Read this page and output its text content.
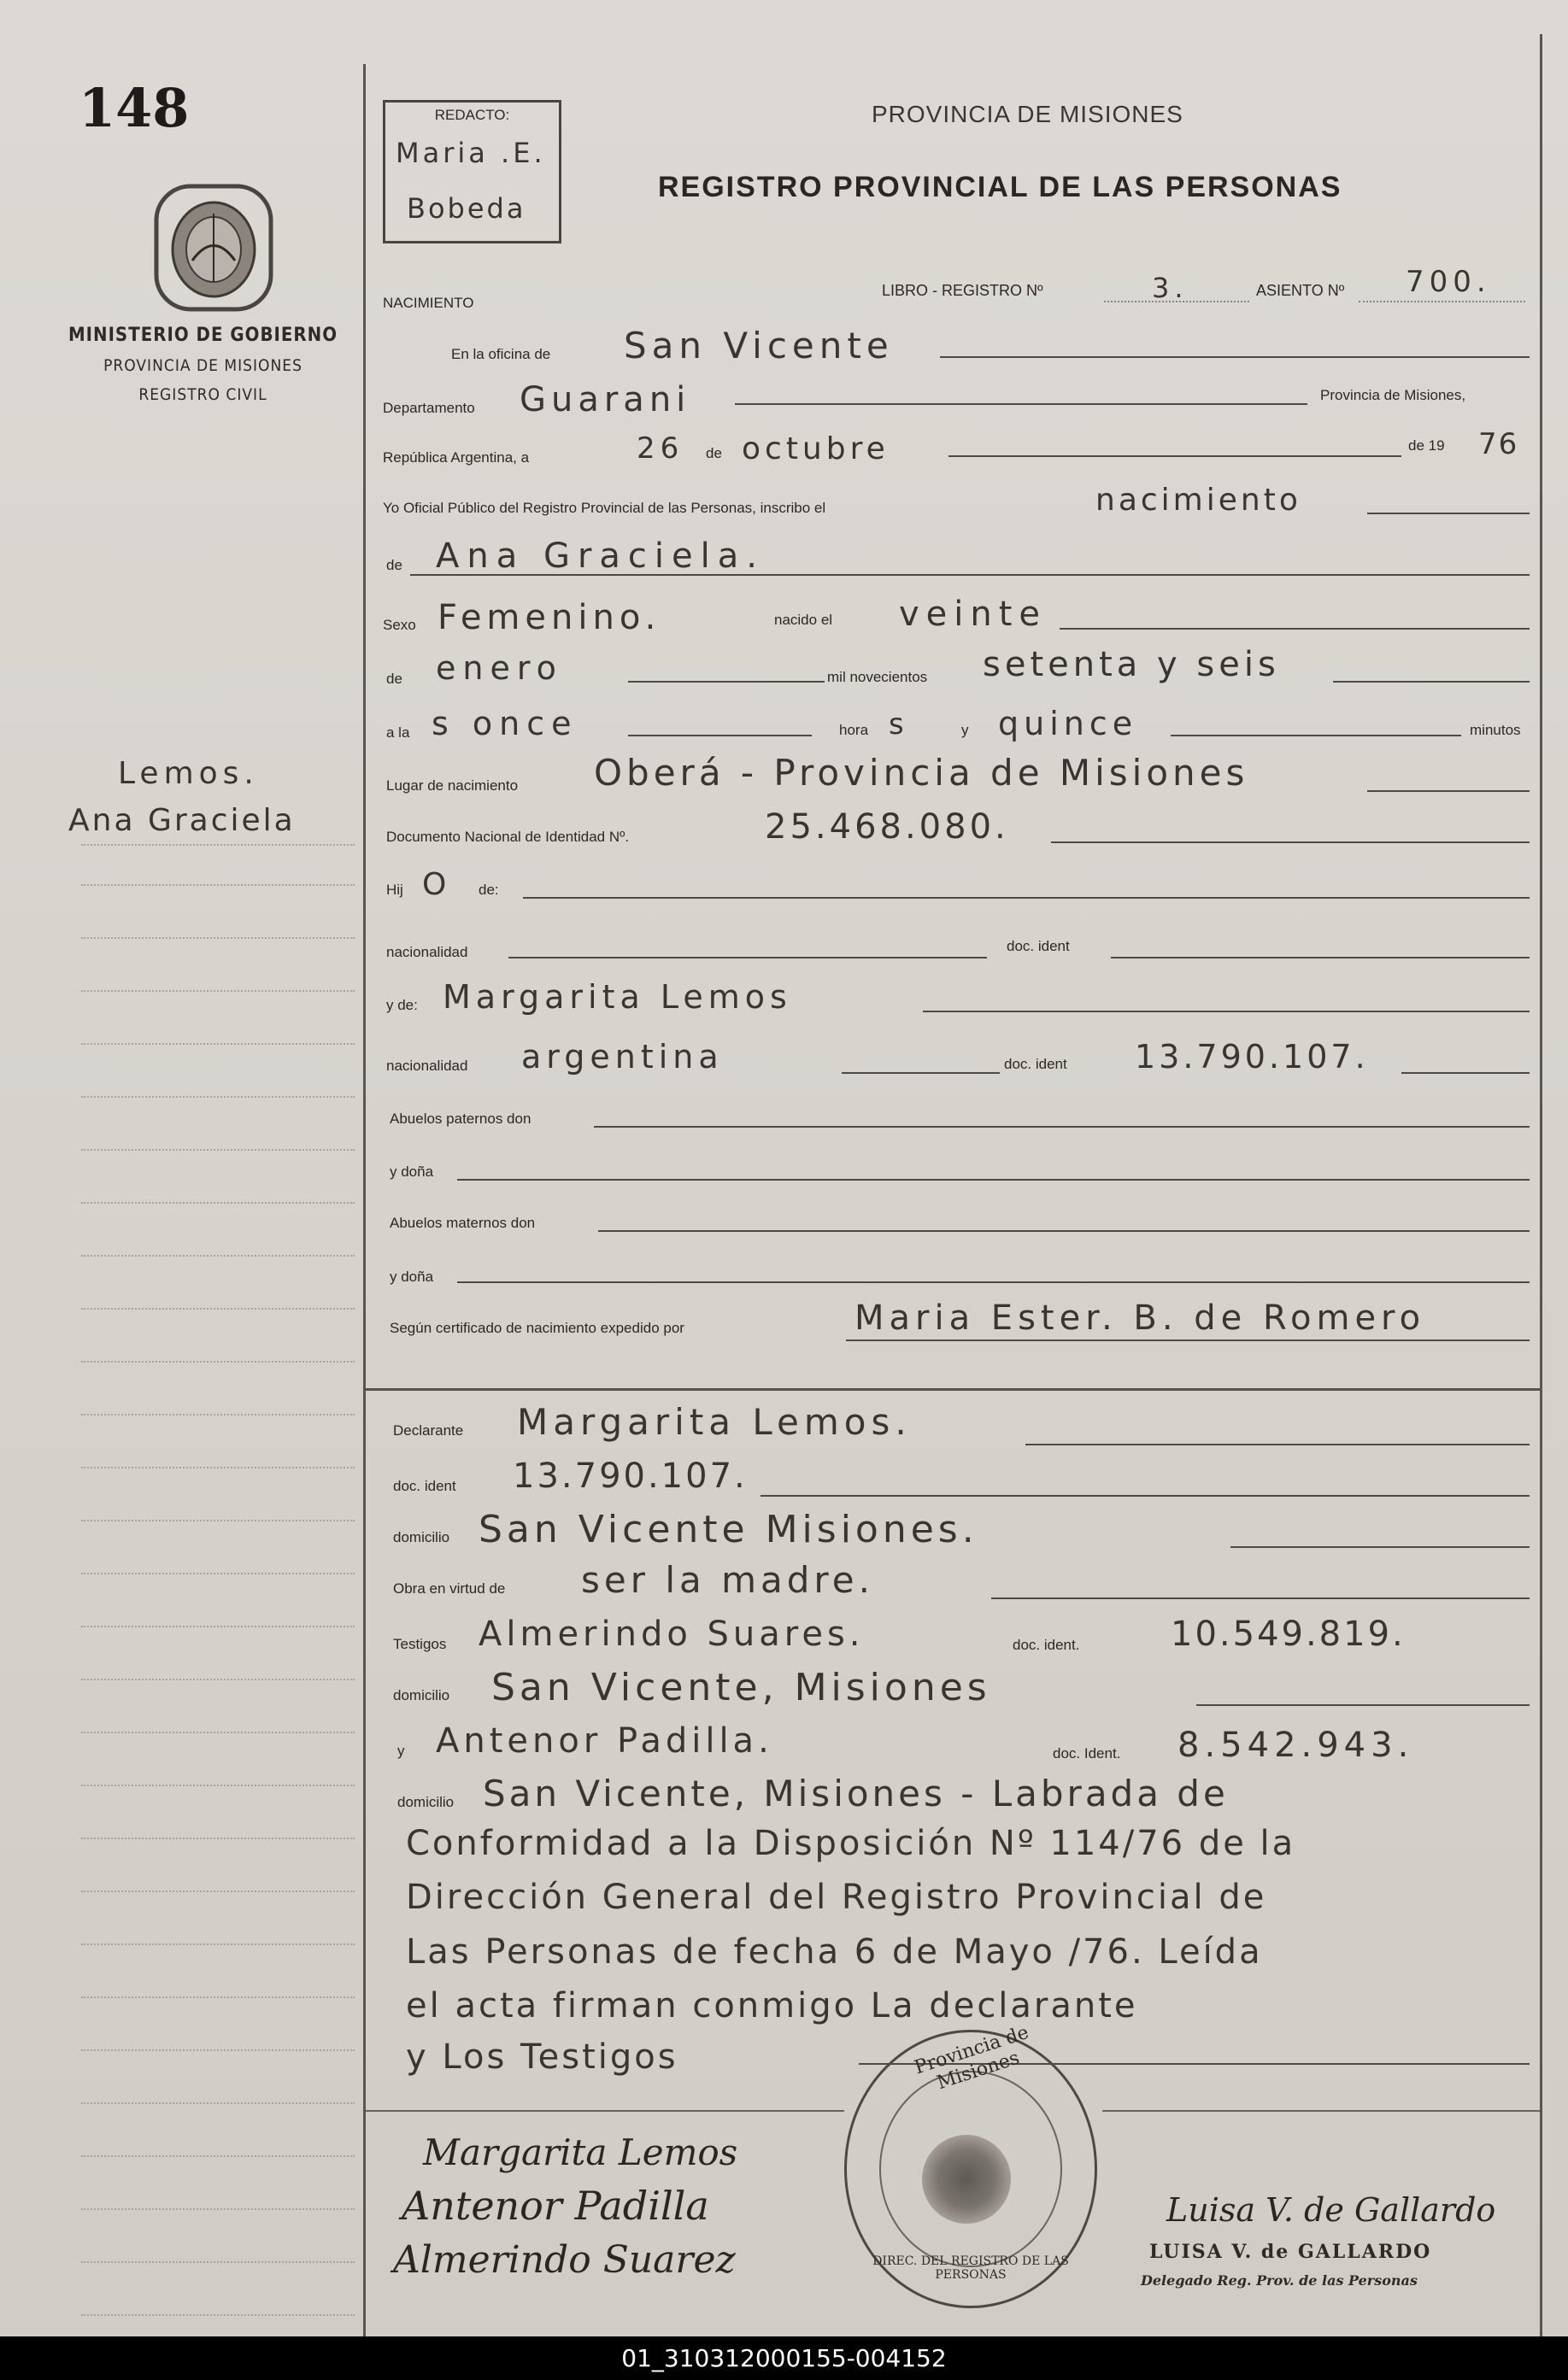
148
MINISTERIO DE GOBIERNO
PROVINCIA DE MISIONES
REGISTRO CIVIL
Lemos.
Ana Graciela
REDACTO:
Maria .E.
Bobeda
PROVINCIA DE MISIONES
REGISTRO PROVINCIAL DE LAS PERSONAS
NACIMIENTO
LIBRO - REGISTRO Nº	3.	ASIENTO Nº 700.
En la oficina de San Vicente
Departamento Guarani	Provincia de Misiones,
República Argentina, a	26 de octubre	de 19 76
Yo Oficial Público del Registro Provincial de las Personas, inscribo el	nacimiento
de Ana Graciela.
Sexo Femenino.	nacido el veinte
de enero	mil novecientos setenta y seis
a la s once	hora s	y quince	minutos
Lugar de nacimiento Oberá - Provincia de Misiones
Documento Nacional de Identidad Nº.	25.468.080.
Hij O de:
nacionalidad	doc. ident
y de: Margarita Lemos
nacionalidad argentina	doc. ident 13.790.107.
Abuelos paternos don
y doña
Abuelos maternos don
y doña
Según certificado de nacimiento expedido por	Maria Ester. B. de Romero
Declarante Margarita Lemos.
doc. ident 13.790.107.
domicilio San Vicente Misiones.
Obra en virtud de ser la madre.
Testigos Almerindo Suares.	doc. ident.	10.549.819.
domicilio San Vicente, Misiones
y Antenor Padilla.	doc. Ident. 8.542.943.
domicilio San Vicente, Misiones - Labrada de
Conformidad a la Disposición Nº 114/76 de la
Dirección General del Registro Provincial de
Las Personas de fecha 6 de Mayo /76. Leída
el acta firman conmigo La declarante
y Los Testigos
Margarita Lemos
Antenor Padilla
Almerindo Suarez
Luisa V. de Gallardo
LUISA V. de GALLARDO
Delegado Reg. Prov. de las Personas
Provincia de Misiones
DIREC. DEL REGISTRO DE LAS PERSONAS
01_310312000155-004152
